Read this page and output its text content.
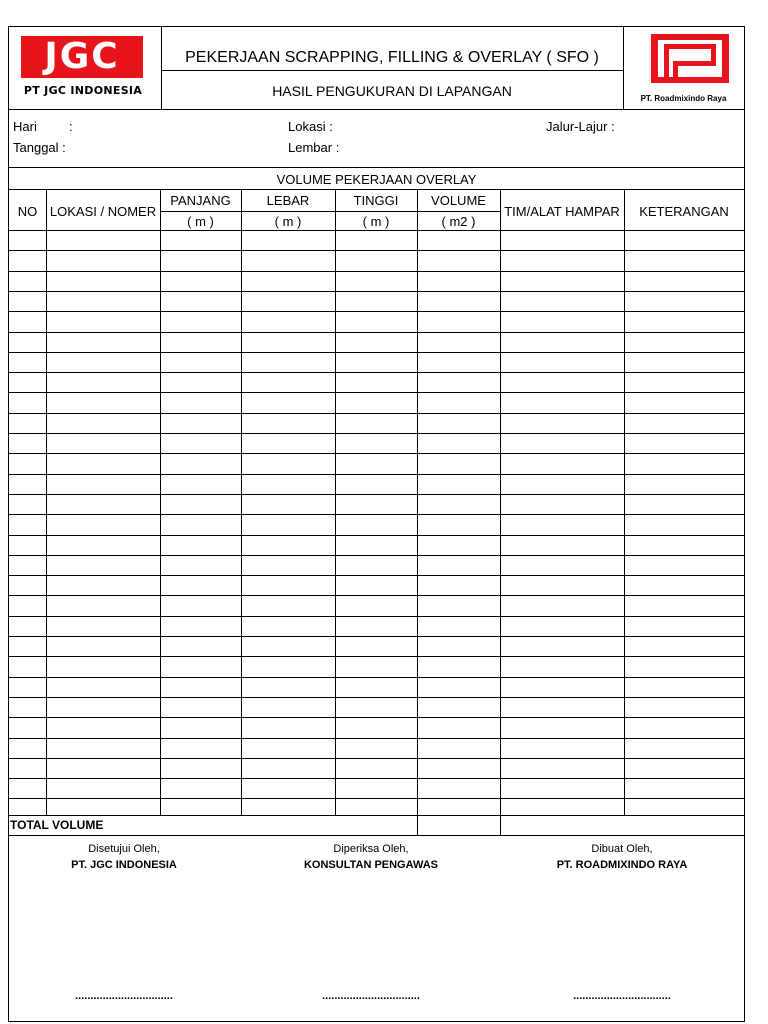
JGC
PT JGC INDONESIA
PEKERJAAN SCRAPPING, FILLING & OVERLAY ( SFO )
HASIL PENGUKURAN DI LAPANGAN	PT. Roadmixindo Raya
Hari :
Tanggal :
Lokasi :
Lembar :
Jalur-Lajur :
VOLUME PEKERJAAN OVERLAY
NO LOKASI / NOMER
PANJANG
( m )
LEBAR
( m )
TINGGI
( m )
VOLUME
( m2 )
TIM/ALAT HAMPAR	KETERANGAN
TOTAL VOLUME
Disetujui Oleh,
PT. JGC INDONESIA
................................
Diperiksa Oleh,
KONSULTAN PENGAWAS
................................
Dibuat Oleh,
PT. ROADMIXINDO RAYA
................................
